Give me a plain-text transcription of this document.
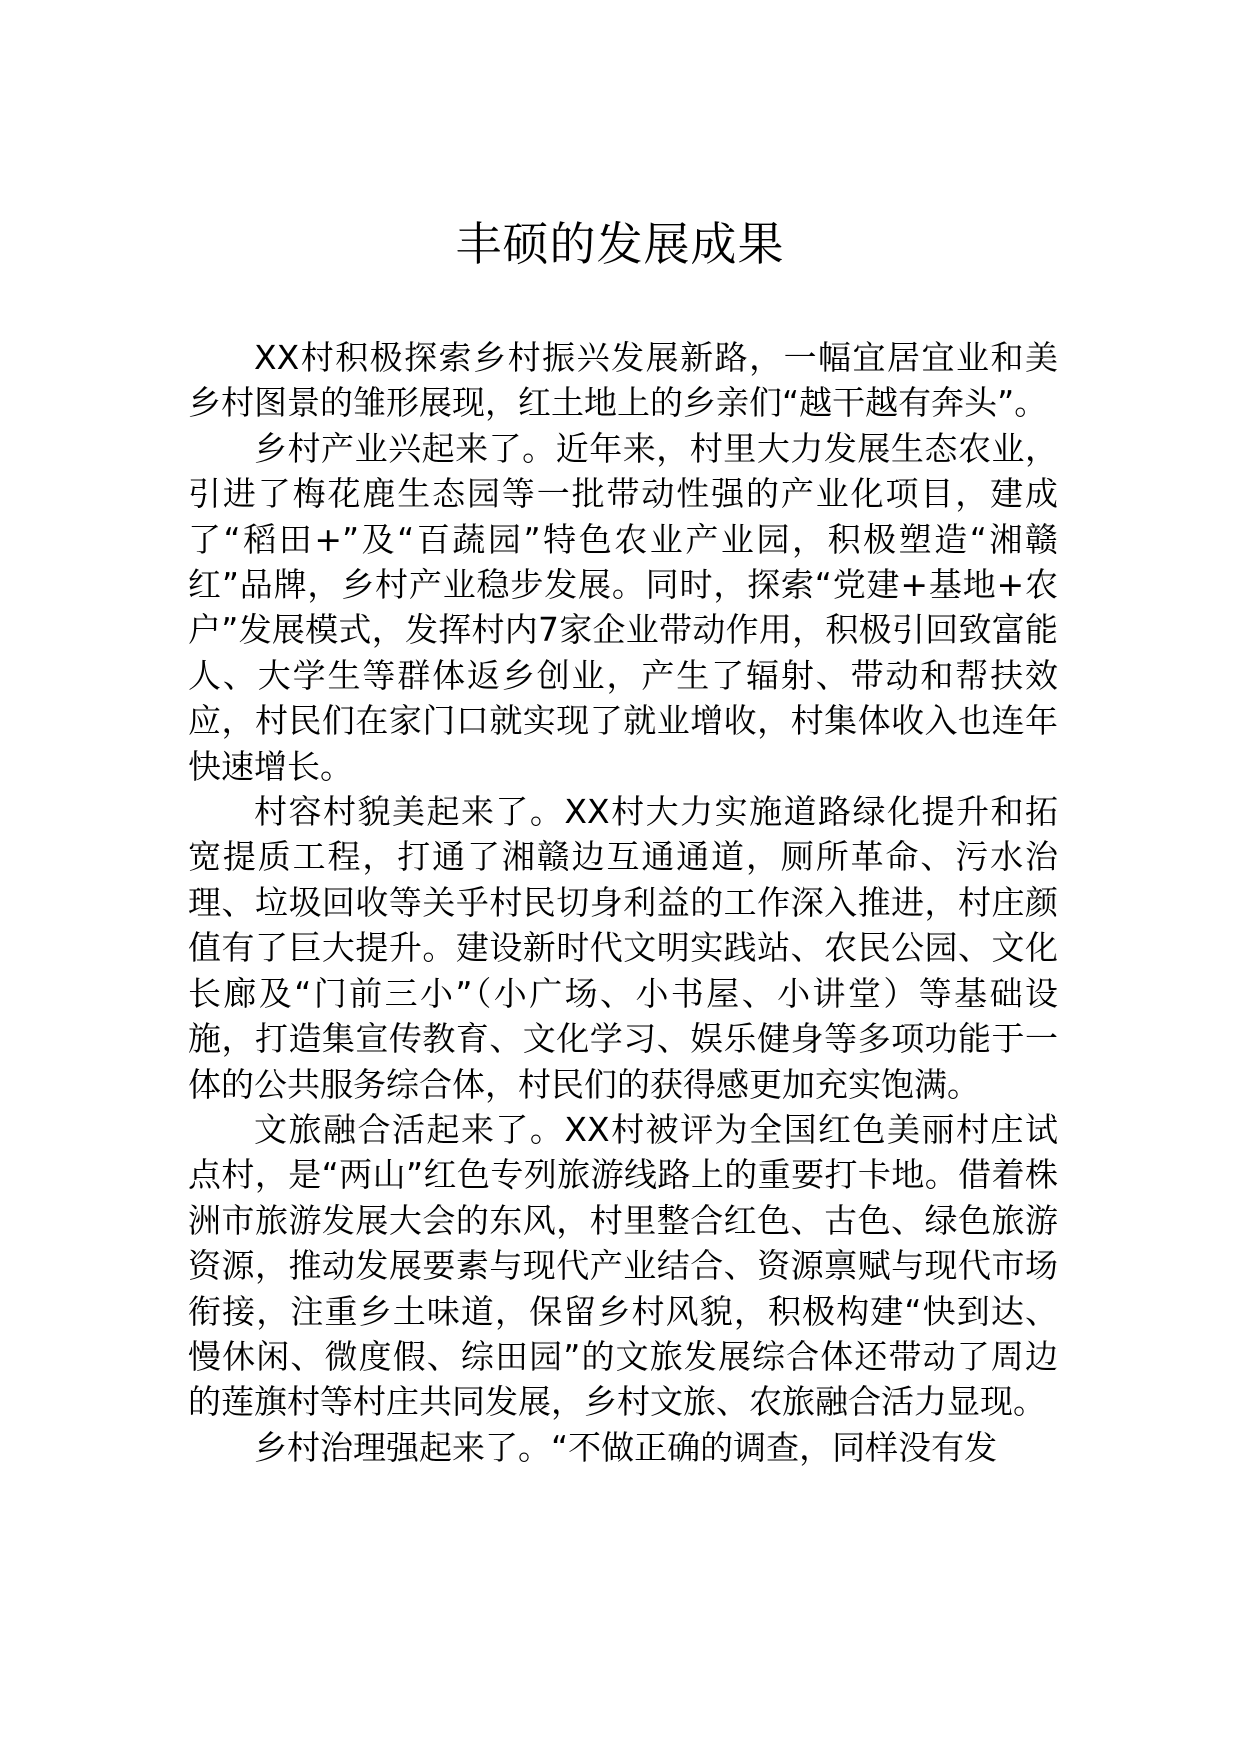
丰硕的发展成果

XX村积极探索乡村振兴发展新路，一幅宜居宜业和美乡村图景的雏形展现，红土地上的乡亲们“越干越有奔头”。

乡村产业兴起来了。近年来，村里大力发展生态农业，引进了梅花鹿生态园等一批带动性强的产业化项目，建成了“稻田+”及“百蔬园”特色农业产业园，积极塑造“湘赣红”品牌，乡村产业稳步发展。同时，探索“党建+基地+农户”发展模式，发挥村内7家企业带动作用，积极引回致富能人、大学生等群体返乡创业，产生了辐射、带动和帮扶效应，村民们在家门口就实现了就业增收，村集体收入也连年快速增长。

村容村貌美起来了。XX村大力实施道路绿化提升和拓宽提质工程，打通了湘赣边互通通道，厕所革命、污水治理、垃圾回收等关乎村民切身利益的工作深入推进，村庄颜值有了巨大提升。建设新时代文明实践站、农民公园、文化长廊及“门前三小”（小广场、小书屋、小讲堂）等基础设施，打造集宣传教育、文化学习、娱乐健身等多项功能于一体的公共服务综合体，村民们的获得感更加充实饱满。

文旅融合活起来了。XX村被评为全国红色美丽村庄试点村，是“两山”红色专列旅游线路上的重要打卡地。借着株洲市旅游发展大会的东风，村里整合红色、古色、绿色旅游资源，推动发展要素与现代产业结合、资源禀赋与现代市场衔接，注重乡土味道，保留乡村风貌，积极构建“快到达、慢休闲、微度假、综田园”的文旅发展综合体还带动了周边的莲旗村等村庄共同发展，乡村文旅、农旅融合活力显现。

乡村治理强起来了。“不做正确的调查，同样没有发
